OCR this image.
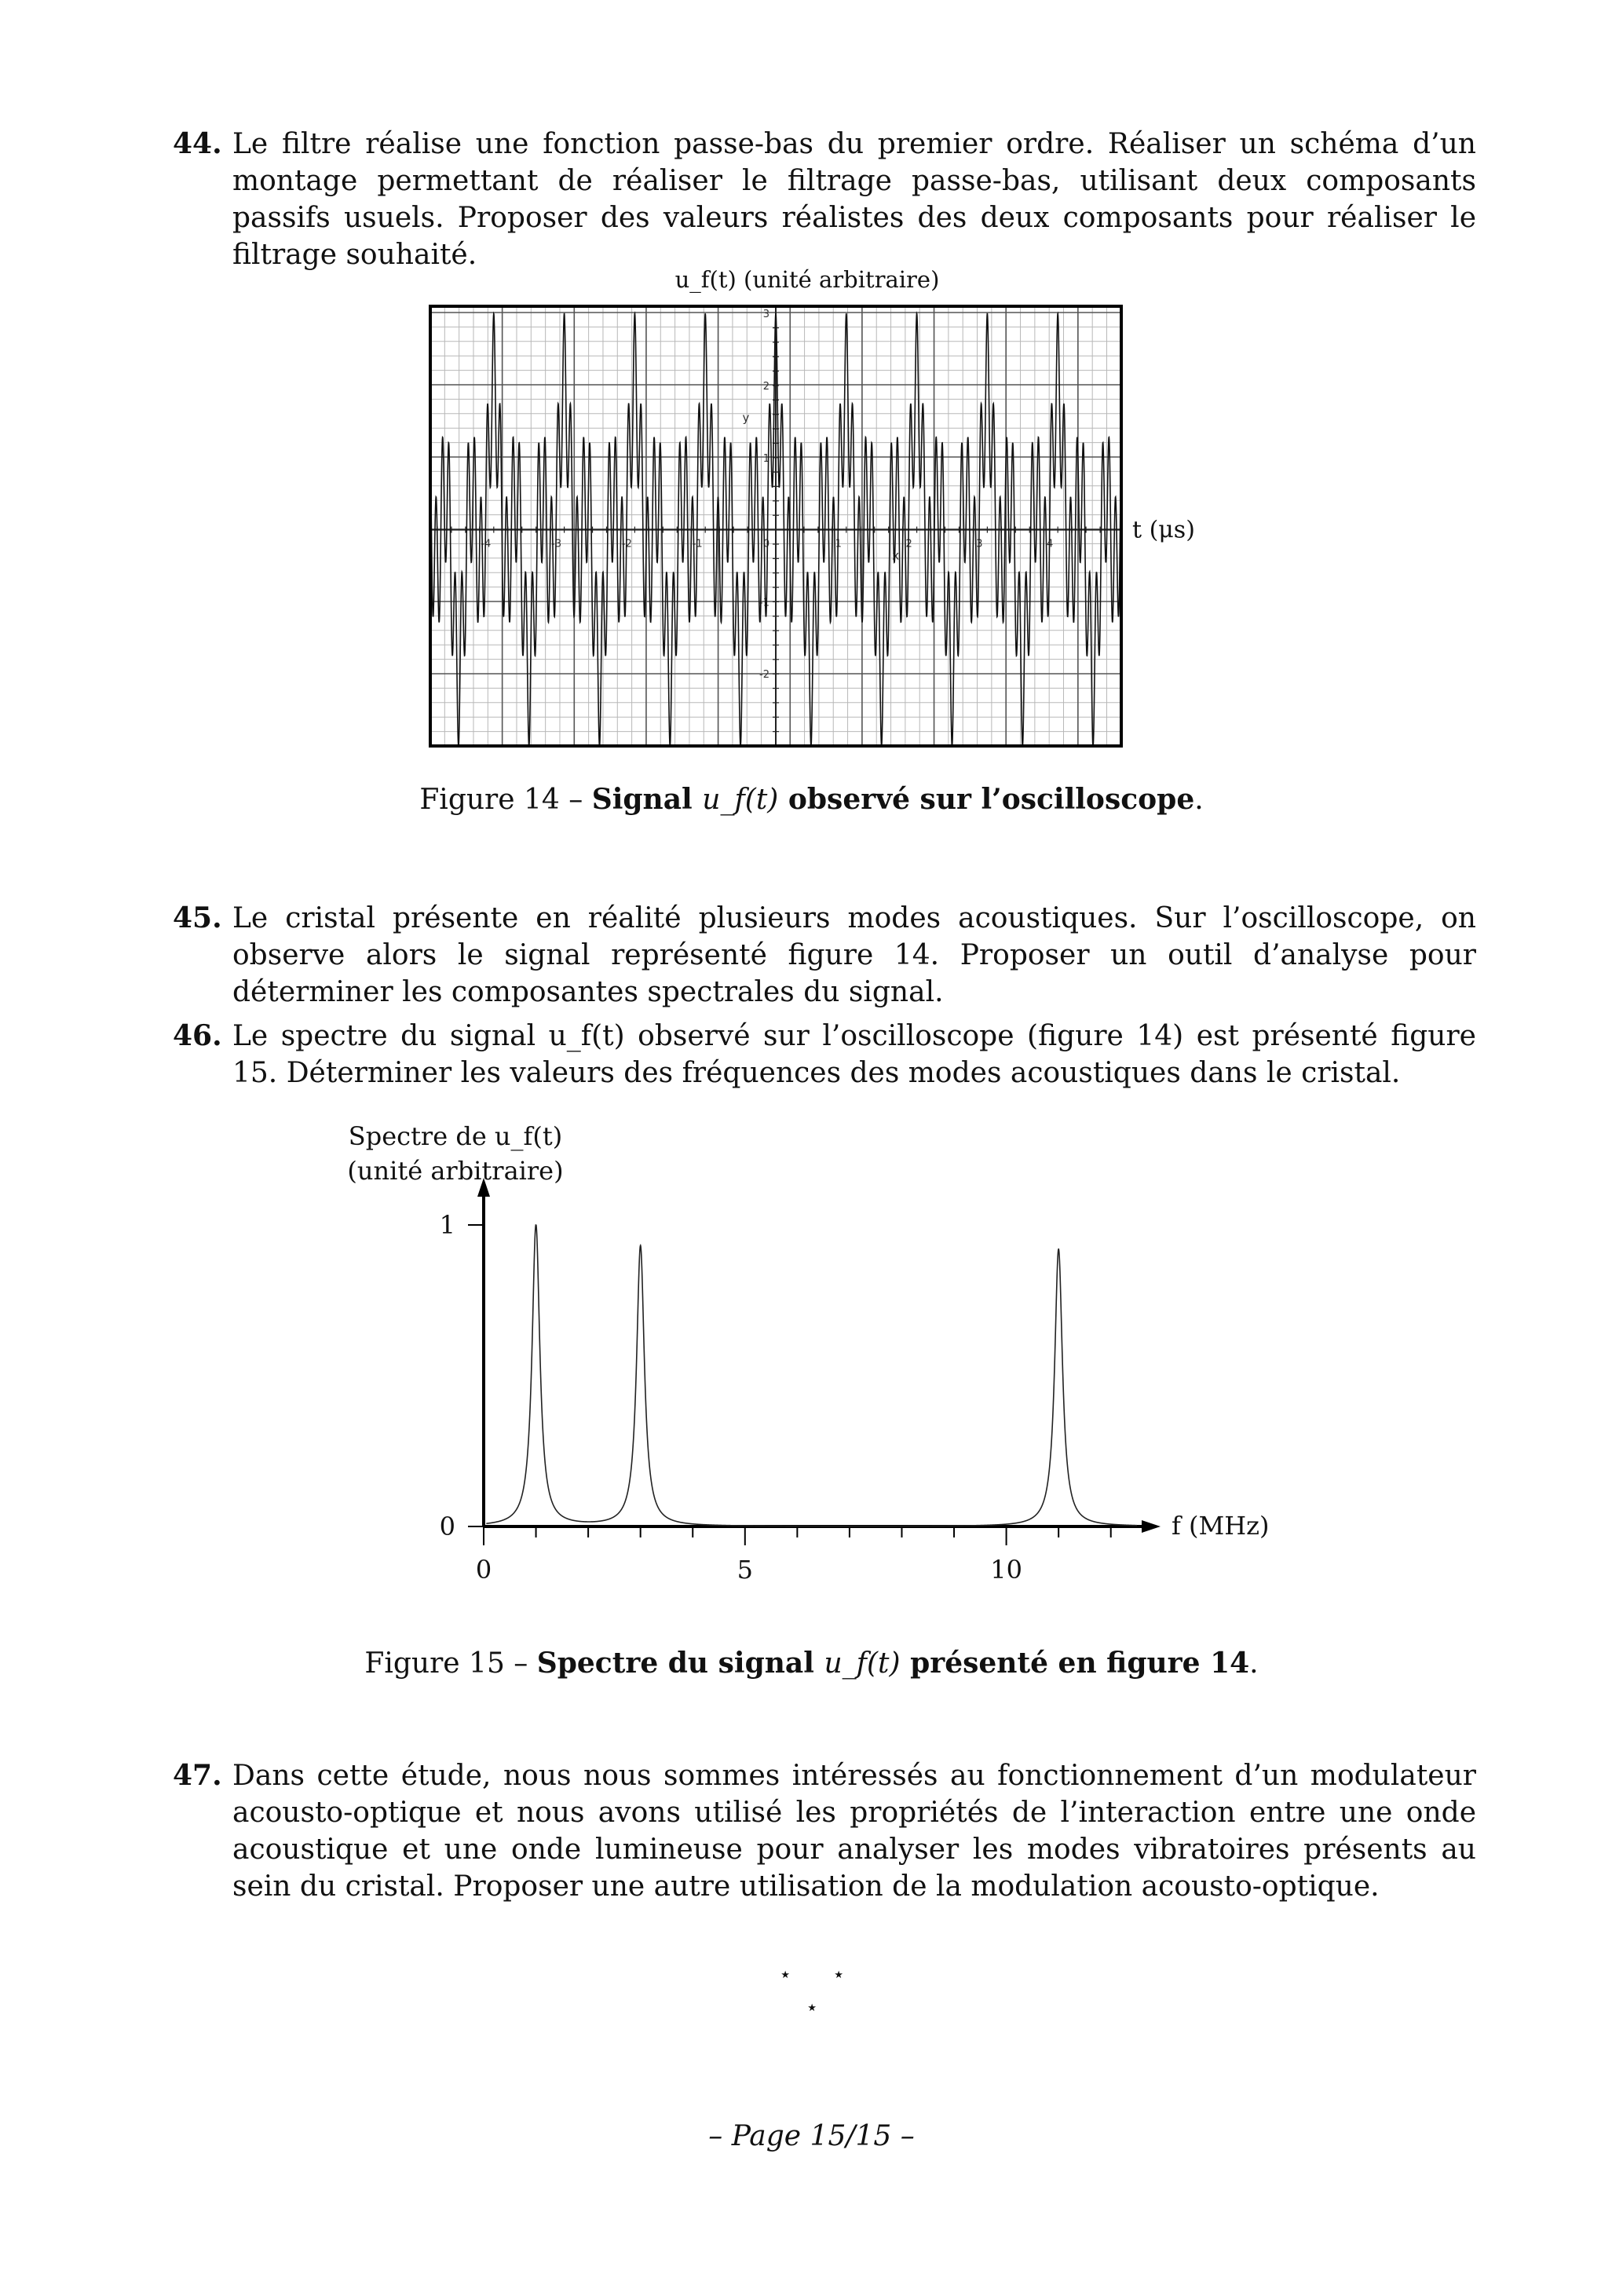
44. Le filtre réalise une fonction passe-bas du premier ordre. Réaliser un schéma d’un montage permettant de réaliser le filtrage passe-bas, utilisant deux composants passifs usuels. Proposer des valeurs réalistes des deux composants pour réaliser le filtrage souhaité.
-4	-3	-2	-1	0	1	2	3	4
3
2
1
-1
-2
x
y
u_f(t) (unité arbitraire)
t (μs)
Figure 14 – Signal u_f(t) observé sur l’oscilloscope.
45. Le cristal présente en réalité plusieurs modes acoustiques. Sur l’oscilloscope, on observe alors le signal représenté figure 14. Proposer un outil d’analyse pour déterminer les composantes spectrales du signal.
46. Le spectre du signal u_f(t) observé sur l’oscilloscope (figure 14) est présenté figure 15. Déterminer les valeurs des fréquences des modes acoustiques dans le cristal.
0	5	10
0
1
Spectre de u_f(t)
(unité arbitraire)
f (MHz)
Figure 15 – Spectre du signal u_f(t) présenté en figure 14.
47. Dans cette étude, nous nous sommes intéressés au fonctionnement d’un modulateur acousto-optique et nous avons utilisé les propriétés de l’interaction entre une onde acoustique et une onde lumineuse pour analyser les modes vibratoires présents au sein du cristal. Proposer une autre utilisation de la modulation acousto-optique.
⋆ ⋆
⋆
– Page 15/15 –
